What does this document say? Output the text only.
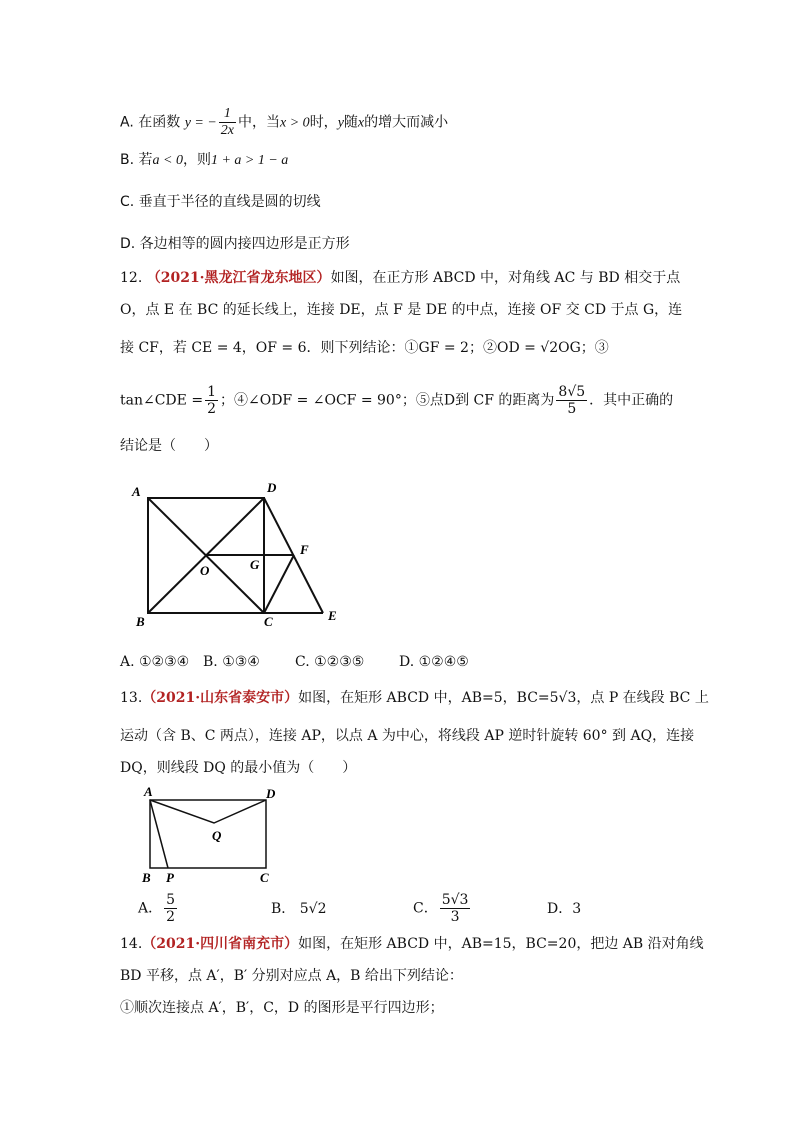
A. 在函数 y = − $\frac{1}{2x}$ 中，当x > 0时，y随x的增大而减小
B. 若a < 0，则1 + a > 1 − a
C. 垂直于半径的直线是圆的切线
D. 各边相等的圆内接四边形是正方形
12. （2021·黑龙江省龙东地区）如图，在正方形 ABCD 中，对角线 AC 与 BD 相交于点
O，点 E 在 BC 的延长线上，连接 DE，点 F 是 DE 的中点，连接 OF 交 CD 于点 G，连
接 CF，若 CE = 4，OF = 6．则下列结论：①GF = 2；②OD = √2OG；③
tan∠CDE = $\frac{1}{2}$ ；④∠ODF = ∠OCF = 90°；⑤点D到 CF 的距离为 $\frac{8√5}{5}$ ．其中正确的
结论是（　　）
A	D
F
O	G
B	C	E
A. ①②③④ B. ①③④	C. ①②③⑤ D. ①②④⑤
13.（2021·山东省泰安市）如图，在矩形 ABCD 中，AB=5，BC=5√3，点 P 在线段 BC 上
运动（含 B、C 两点），连接 AP，以点 A 为中心，将线段 AP 逆时针旋转 60° 到 AQ，连接
DQ，则线段 DQ 的最小值为（　　）
A	D
Q
B P	C
A． $\frac{5}{2}$	B． 5√2	C． $\frac{5√3}{3}$	D．3
14.（2021·四川省南充市）如图，在矩形 ABCD 中，AB=15，BC=20，把边 AB 沿对角线
BD 平移，点 A′，B′ 分别对应点 A，B 给出下列结论：
①顺次连接点 A′，B′，C，D 的图形是平行四边形；
